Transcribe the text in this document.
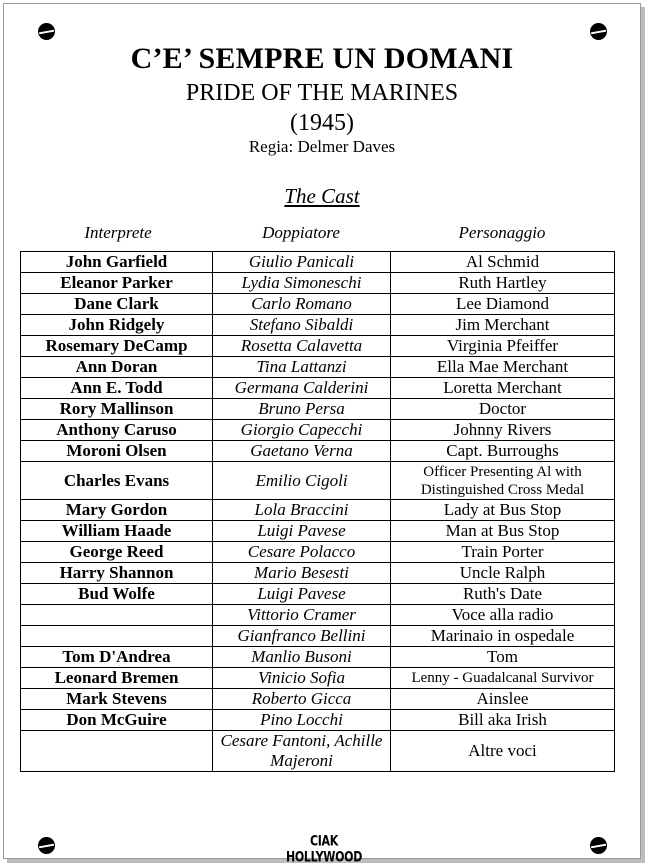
C’E’ SEMPRE UN DOMANI
PRIDE OF THE MARINES
(1945)
Regia: Delmer Daves
The Cast
Interprete	Doppiatore	Personaggio
John Garfield	Giulio Panicali	Al Schmid
Eleanor Parker	Lydia Simoneschi	Ruth Hartley
Dane Clark	Carlo Romano	Lee Diamond
John Ridgely	Stefano Sibaldi	Jim Merchant
Rosemary DeCamp	Rosetta Calavetta	Virginia Pfeiffer
Ann Doran	Tina Lattanzi	Ella Mae Merchant
Ann E. Todd	Germana Calderini	Loretta Merchant
Rory Mallinson	Bruno Persa	Doctor
Anthony Caruso	Giorgio Capecchi	Johnny Rivers
Moroni Olsen	Gaetano Verna	Capt. Burroughs
Charles Evans	Emilio Cigoli	Officer Presenting Al with Distinguished Cross Medal
Mary Gordon	Lola Braccini	Lady at Bus Stop
William Haade	Luigi Pavese	Man at Bus Stop
George Reed	Cesare Polacco	Train Porter
Harry Shannon	Mario Besesti	Uncle Ralph
Bud Wolfe	Luigi Pavese	Ruth's Date
	Vittorio Cramer	Voce alla radio
	Gianfranco Bellini	Marinaio in ospedale
Tom D'Andrea	Manlio Busoni	Tom
Leonard Bremen	Vinicio Sofia	Lenny - Guadalcanal Survivor
Mark Stevens	Roberto Gicca	Ainslee
Don McGuire	Pino Locchi	Bill aka Irish
	Cesare Fantoni, Achille Majeroni	Altre voci
CIAK HOLLYWOOD
